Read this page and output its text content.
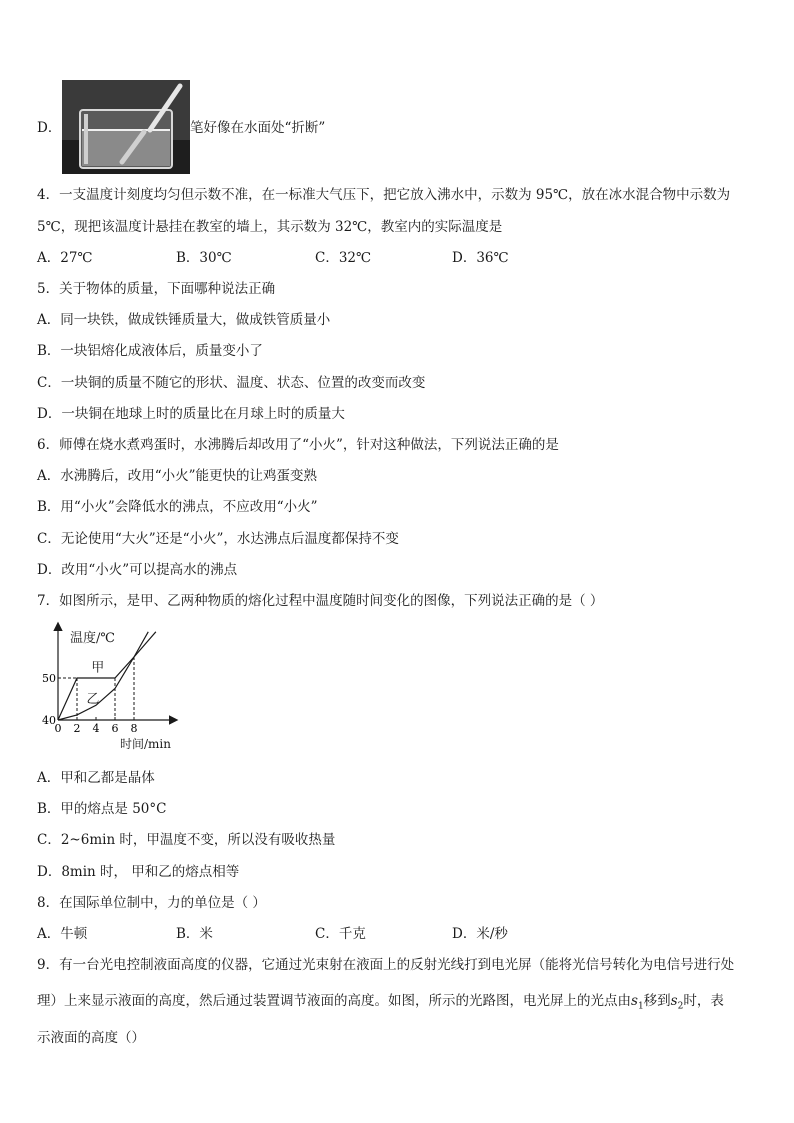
D．	笔好像在水面处“折断”
4．一支温度计刻度均匀但示数不准，在一标准大气压下，把它放入沸水中，示数为 95℃，放在冰水混合物中示数为
5℃，现把该温度计悬挂在教室的墙上，其示数为 32℃，教室内的实际温度是
A．27℃	B．30℃	C．32℃	D．36℃
5．关于物体的质量，下面哪种说法正确
A．同一块铁，做成铁锤质量大，做成铁管质量小
B．一块铝熔化成液体后，质量变小了
C．一块铜的质量不随它的形状、温度、状态、位置的改变而改变
D．一块铜在地球上时的质量比在月球上时的质量大
6．师傅在烧水煮鸡蛋时，水沸腾后却改用了“小火”，针对这种做法，下列说法正确的是
A．水沸腾后，改用“小火”能更快的让鸡蛋变熟
B．用“小火”会降低水的沸点，不应改用“小火”
C．无论使用“大火”还是“小火”，水达沸点后温度都保持不变
D．改用“小火”可以提高水的沸点
7．如图所示，是甲、乙两种物质的熔化过程中温度随时间变化的图像，下列说法正确的是（ ）
温度/℃
时间/min
0 2 4 6 8
40
50
甲
乙
A．甲和乙都是晶体
B．甲的熔点是 50°C
C．2~6min 时，甲温度不变，所以没有吸收热量
D．8min 时， 甲和乙的熔点相等
8．在国际单位制中，力的单位是（ ）
A．牛顿	B．米	C．千克	D．米/秒
9．有一台光电控制液面高度的仪器，它通过光束射在液面上的反射光线打到电光屏（能将光信号转化为电信号进行处
理）上来显示液面的高度，然后通过装置调节液面的高度。如图，所示的光路图，电光屏上的光点由$s_1$移到$s_2$时，表
示液面的高度（）
